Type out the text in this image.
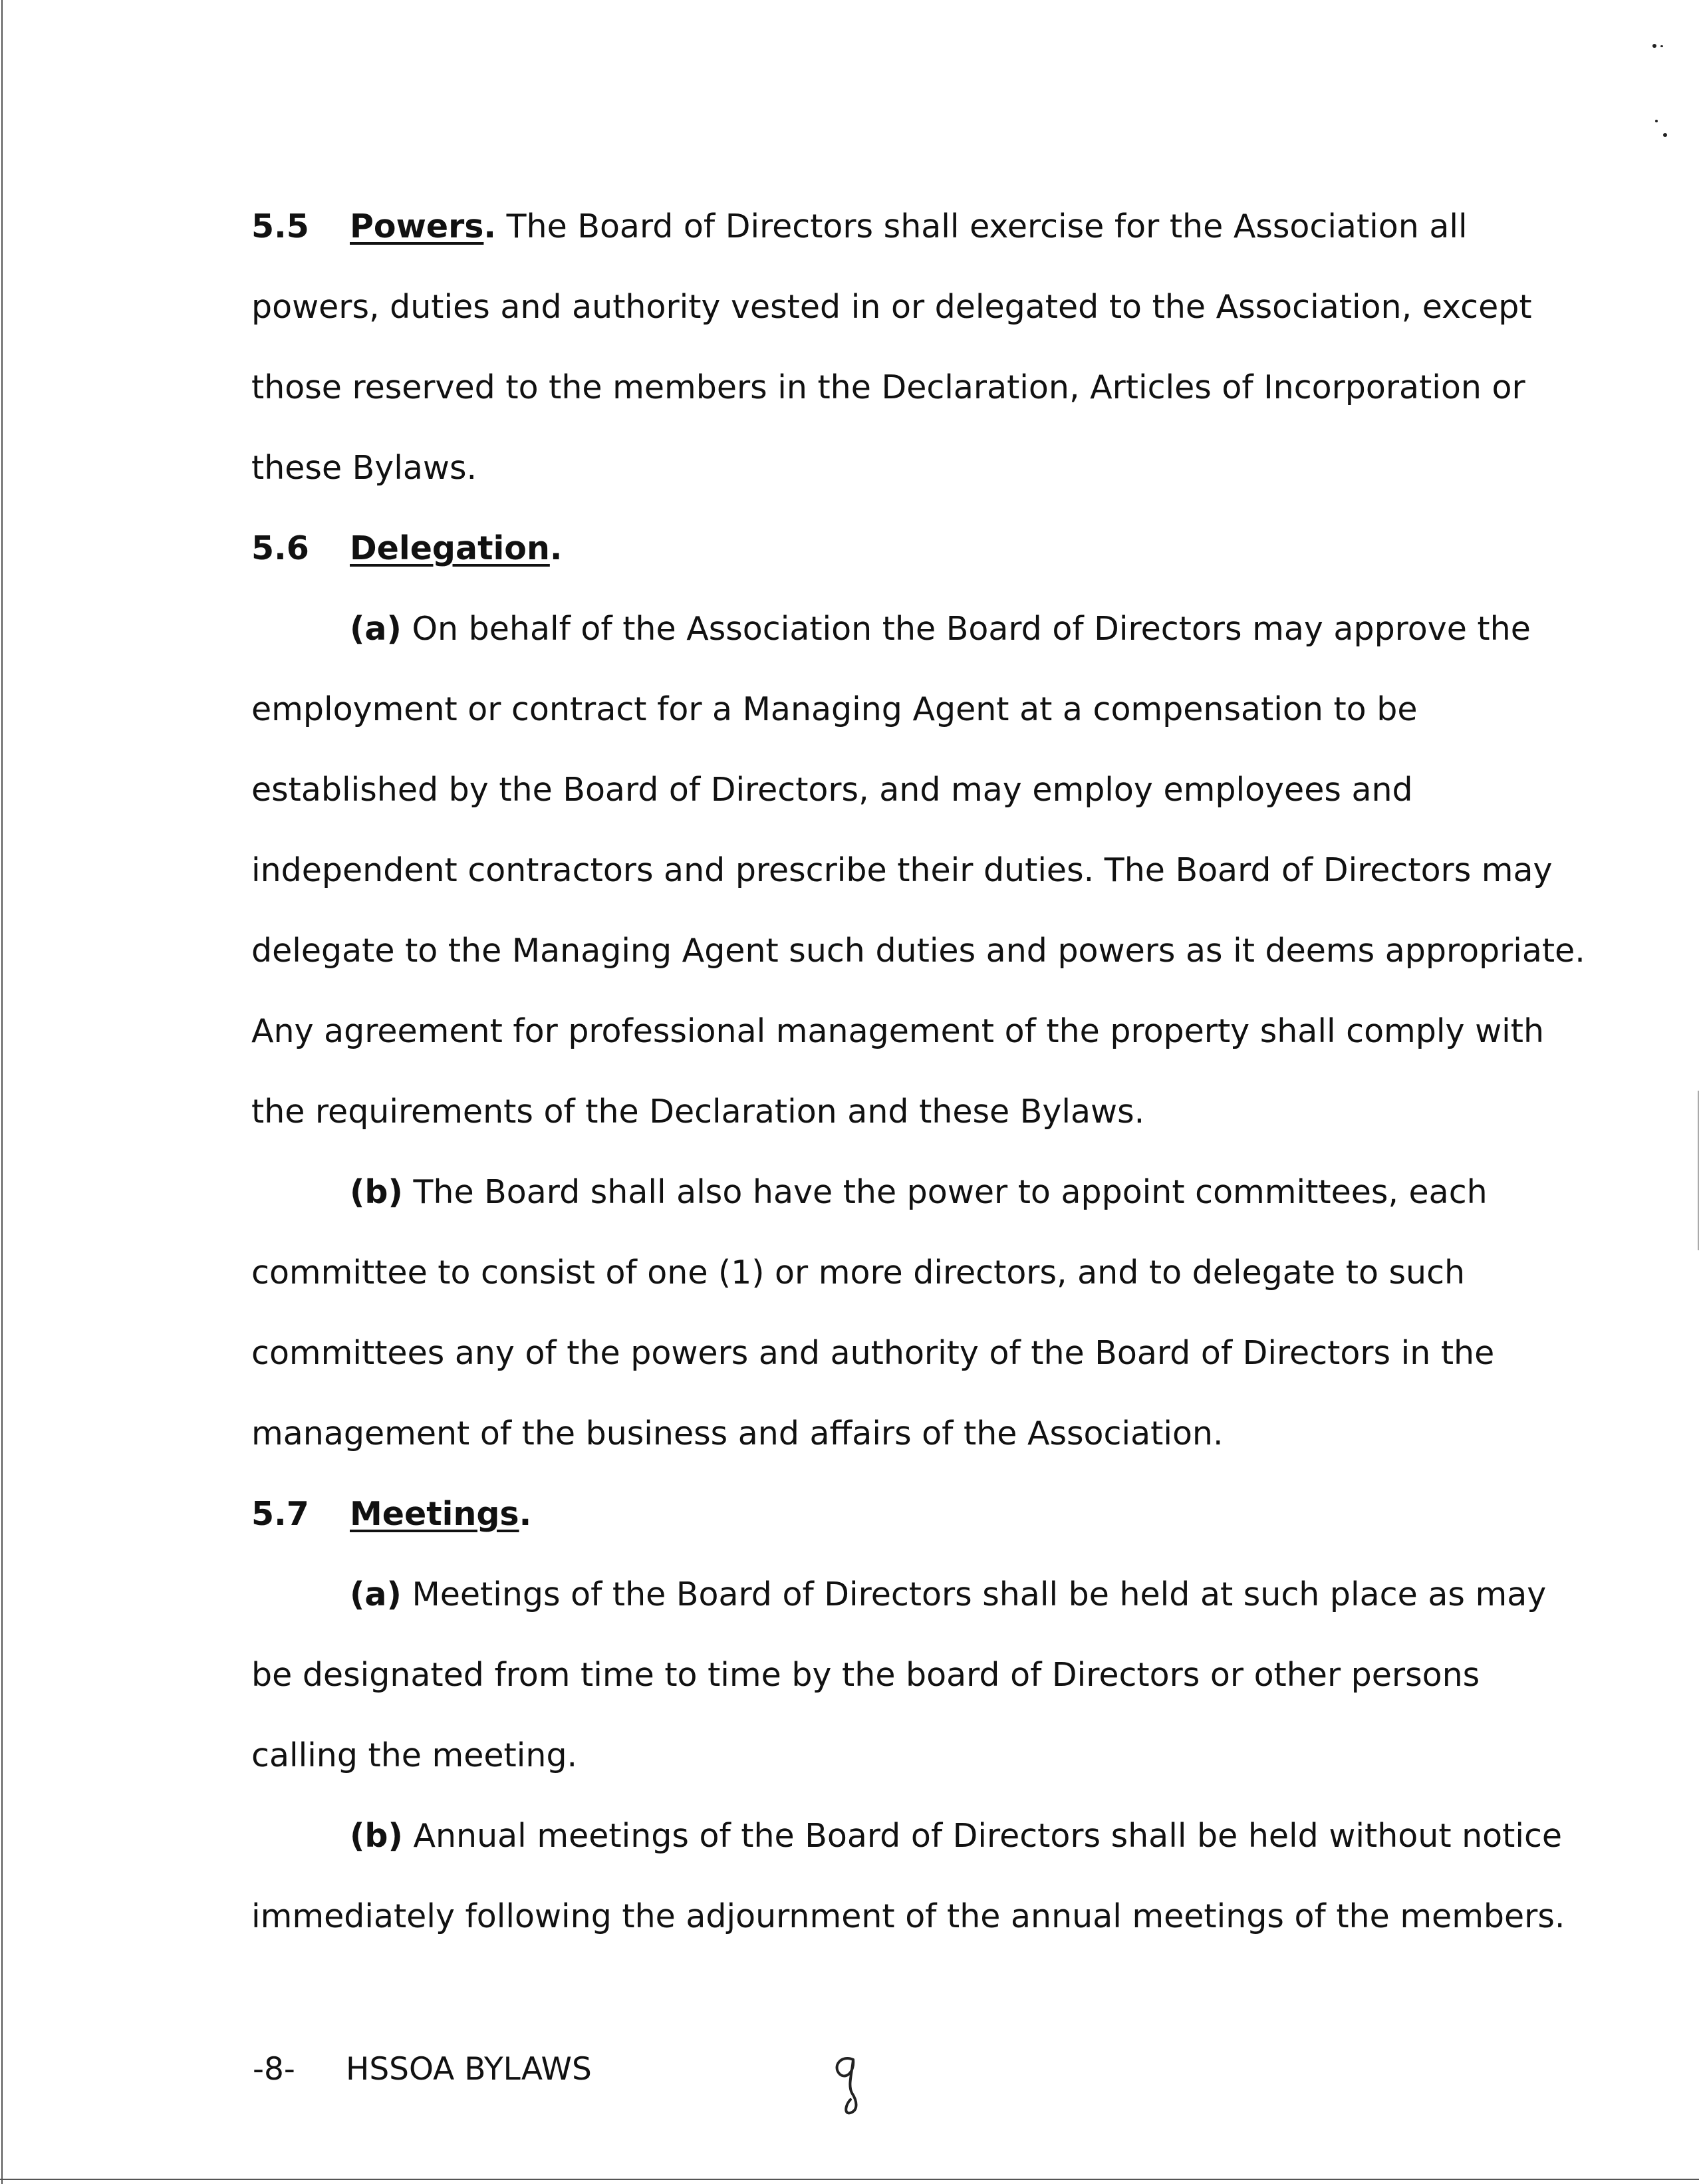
5.5 Powers. The Board of Directors shall exercise for the Association all
powers, duties and authority vested in or delegated to the Association, except
those reserved to the members in the Declaration, Articles of Incorporation or
these Bylaws.
5.6 Delegation.
(a) On behalf of the Association the Board of Directors may approve the
employment or contract for a Managing Agent at a compensation to be
established by the Board of Directors, and may employ employees and
independent contractors and prescribe their duties. The Board of Directors may
delegate to the Managing Agent such duties and powers as it deems appropriate.
Any agreement for professional management of the property shall comply with
the requirements of the Declaration and these Bylaws.
(b) The Board shall also have the power to appoint committees, each
committee to consist of one (1) or more directors, and to delegate to such
committees any of the powers and authority of the Board of Directors in the
management of the business and affairs of the Association.
5.7 Meetings.
(a) Meetings of the Board of Directors shall be held at such place as may
be designated from time to time by the board of Directors or other persons
calling the meeting.
(b) Annual meetings of the Board of Directors shall be held without notice
immediately following the adjournment of the annual meetings of the members.
-8- HSSOA BYLAWS
